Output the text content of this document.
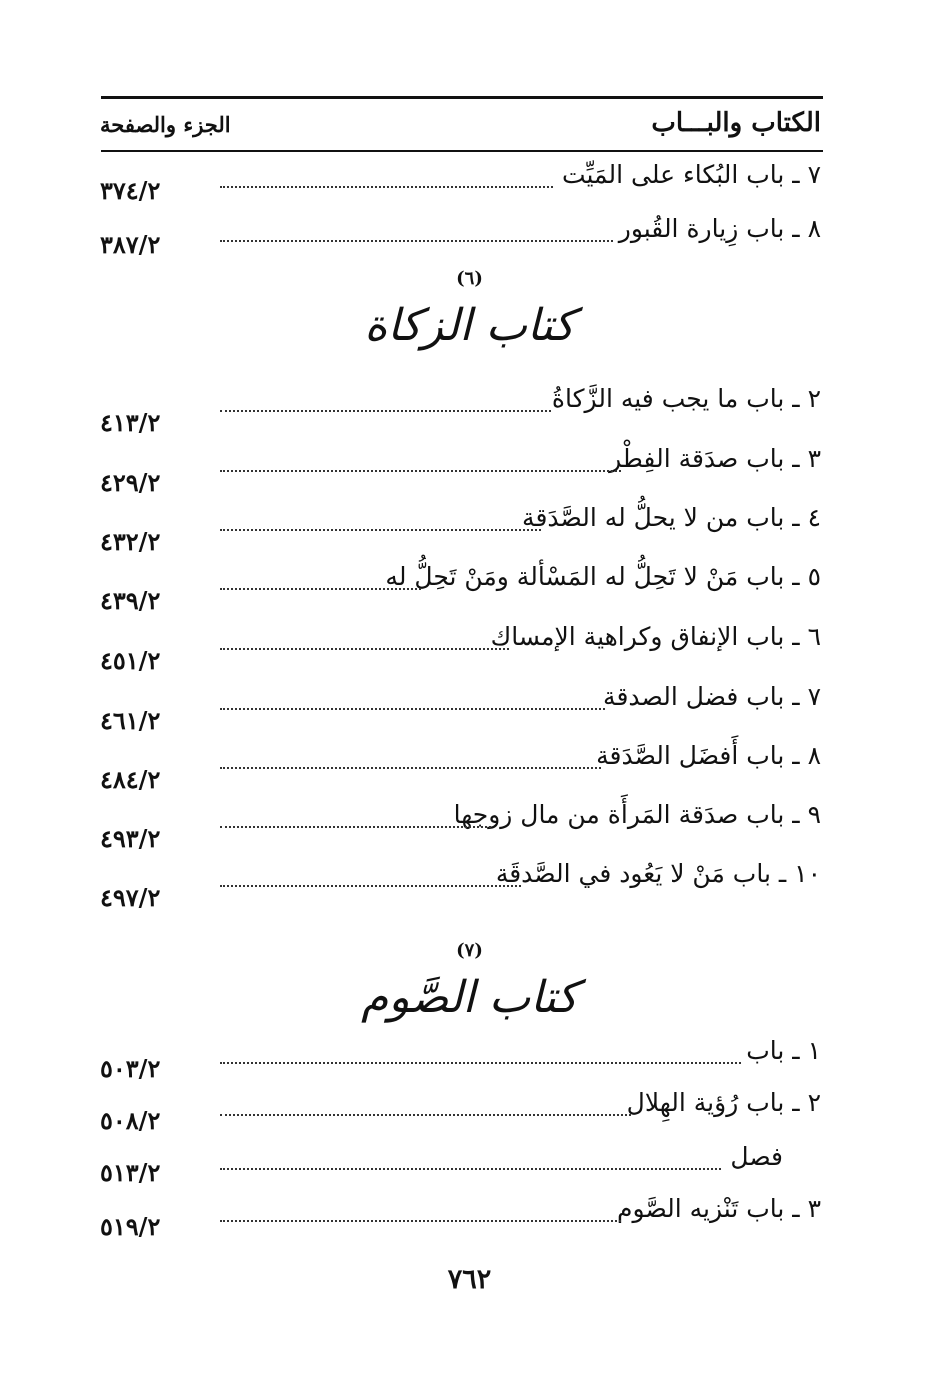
الكتاب والبـــاب
الجزء والصفحة
٧ ـ باب البُكاء على المَيِّت
٣٧٤/٢
٨ ـ باب زِيارة القُبور
٣٨٧/٢
(٦)
كتاب الزكاة
٢ ـ باب ما يجب فيه الزَّكاةُ
٤١٣/٢
٣ ـ باب صدَقة الفِطْر
٤٢٩/٢
٤ ـ باب من لا يحلُّ له الصَّدَقة
٤٣٢/٢
٥ ـ باب مَنْ لا تَحِلُّ له المَسْألة ومَنْ تَحِلُّ له
٤٣٩/٢
٦ ـ باب الإنفاق وكراهية الإمساك
٤٥١/٢
٧ ـ باب فضل الصدقة
٤٦١/٢
٨ ـ باب أَفضَل الصَّدَقة
٤٨٤/٢
٩ ـ باب صدَقة المَرأَة من مال زوجها
٤٩٣/٢
١٠ ـ باب مَنْ لا يَعُود في الصَّدقَة
٤٩٧/٢
(٧)
كتاب الصَّوم
١ ـ باب
٥٠٣/٢
٢ ـ باب رُؤية الهِلال
٥٠٨/٢
فصل
٥١٣/٢
٣ ـ باب تَنْزيه الصَّوم
٥١٩/٢
٧٦٢
